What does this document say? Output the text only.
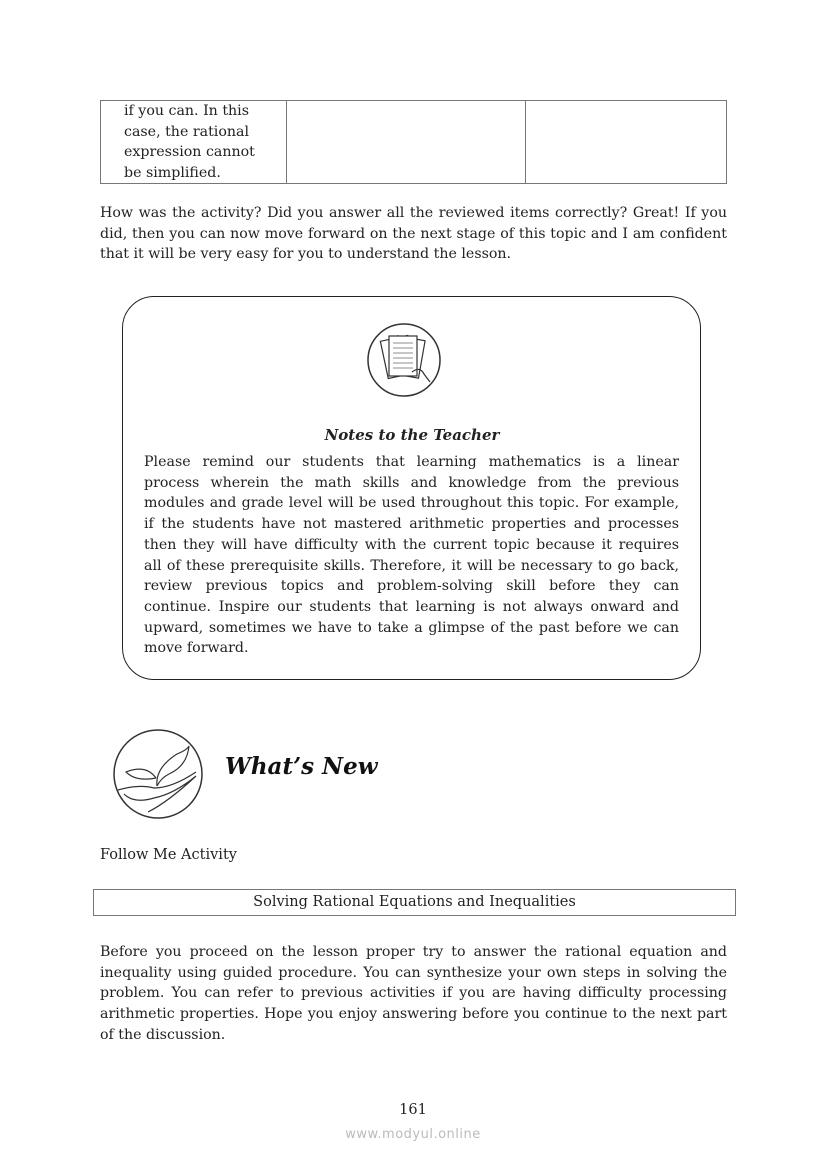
if you can. In this
case, the rational
expression cannot
be simplified.

How was the activity? Did you answer all the reviewed items correctly? Great! If you
did, then you can now move forward on the next stage of this topic and I am confident
that it will be very easy for you to understand the lesson.
Notes to the Teacher
Please remind our students that learning mathematics is a linear
process wherein the math skills and knowledge from the previous
modules and grade level will be used throughout this topic. For example,
if the students have not mastered arithmetic properties and processes
then they will have difficulty with the current topic because it requires
all of these prerequisite skills. Therefore, it will be necessary to go back,
review previous topics and problem-solving skill before they can
continue. Inspire our students that learning is not always onward and
upward, sometimes we have to take a glimpse of the past before we can
move forward.
What’s New
Follow Me Activity
Solving Rational Equations and Inequalities
Before you proceed on the lesson proper try to answer the rational equation and
inequality using guided procedure. You can synthesize your own steps in solving the
problem. You can refer to previous activities if you are having difficulty processing
arithmetic properties. Hope you enjoy answering before you continue to the next part
of the discussion.
161
www.modyul.online
